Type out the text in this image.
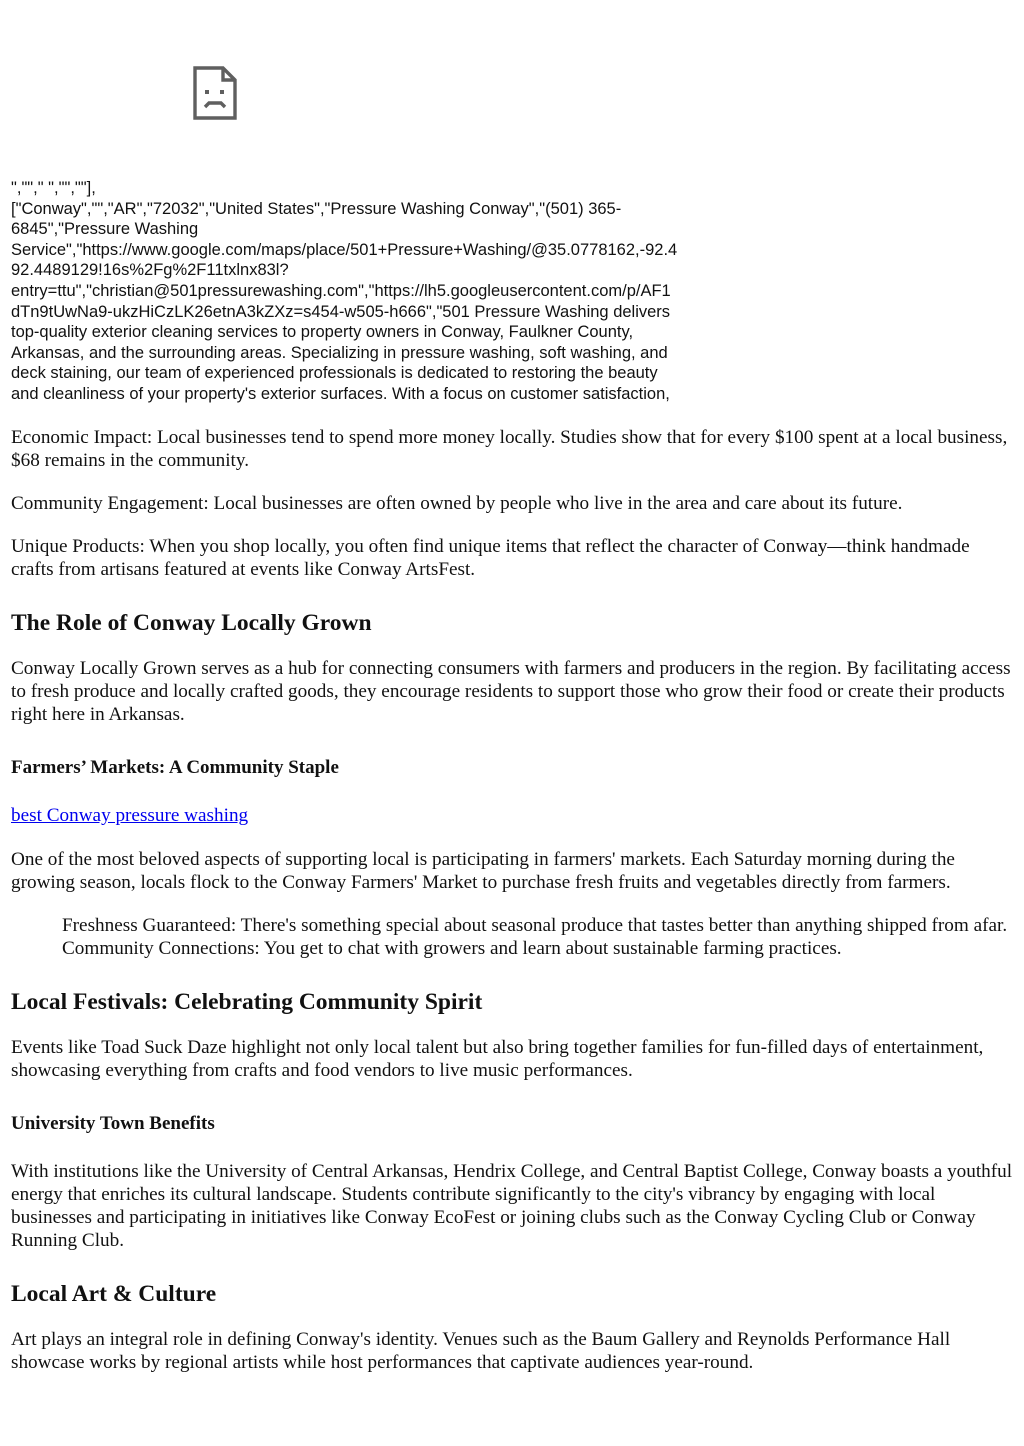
",""," ","",""],
["Conway","","AR","72032","United States","Pressure Washing Conway","(501) 365-
6845","Pressure Washing
Service","https://www.google.com/maps/place/501+Pressure+Washing/@35.0778162,-92.4
92.4489129!16s%2Fg%2F11txlnx83l?
entry=ttu","christian@501pressurewashing.com","https://lh5.googleusercontent.com/p/AF1
dTn9tUwNa9-ukzHiCzLK26etnA3kZXz=s454-w505-h666","501 Pressure Washing delivers
top-quality exterior cleaning services to property owners in Conway, Faulkner County,
Arkansas, and the surrounding areas. Specializing in pressure washing, soft washing, and
deck staining, our team of experienced professionals is dedicated to restoring the beauty
and cleanliness of your property's exterior surfaces. With a focus on customer satisfaction,

Economic Impact: Local businesses tend to spend more money locally. Studies show that for every $100 spent at a local business, $68 remains in the community.

Community Engagement: Local businesses are often owned by people who live in the area and care about its future.

Unique Products: When you shop locally, you often find unique items that reflect the character of Conway—think handmade crafts from artisans featured at events like Conway ArtsFest.

The Role of Conway Locally Grown

Conway Locally Grown serves as a hub for connecting consumers with farmers and producers in the region. By facilitating access to fresh produce and locally crafted goods, they encourage residents to support those who grow their food or create their products right here in Arkansas.

Farmers’ Markets: A Community Staple
best Conway pressure washing

One of the most beloved aspects of supporting local is participating in farmers' markets. Each Saturday morning during the growing season, locals flock to the Conway Farmers' Market to purchase fresh fruits and vegetables directly from farmers.

Freshness Guaranteed: There's something special about seasonal produce that tastes better than anything shipped from afar. Community Connections: You get to chat with growers and learn about sustainable farming practices.
Local Festivals: Celebrating Community Spirit

Events like Toad Suck Daze highlight not only local talent but also bring together families for fun-filled days of entertainment, showcasing everything from crafts and food vendors to live music performances.

University Town Benefits

With institutions like the University of Central Arkansas, Hendrix College, and Central Baptist College, Conway boasts a youthful energy that enriches its cultural landscape. Students contribute significantly to the city's vibrancy by engaging with local businesses and participating in initiatives like Conway EcoFest or joining clubs such as the Conway Cycling Club or Conway Running Club.

Local Art & Culture

Art plays an integral role in defining Conway's identity. Venues such as the Baum Gallery and Reynolds Performance Hall showcase works by regional artists while host performances that captivate audiences year-round.
